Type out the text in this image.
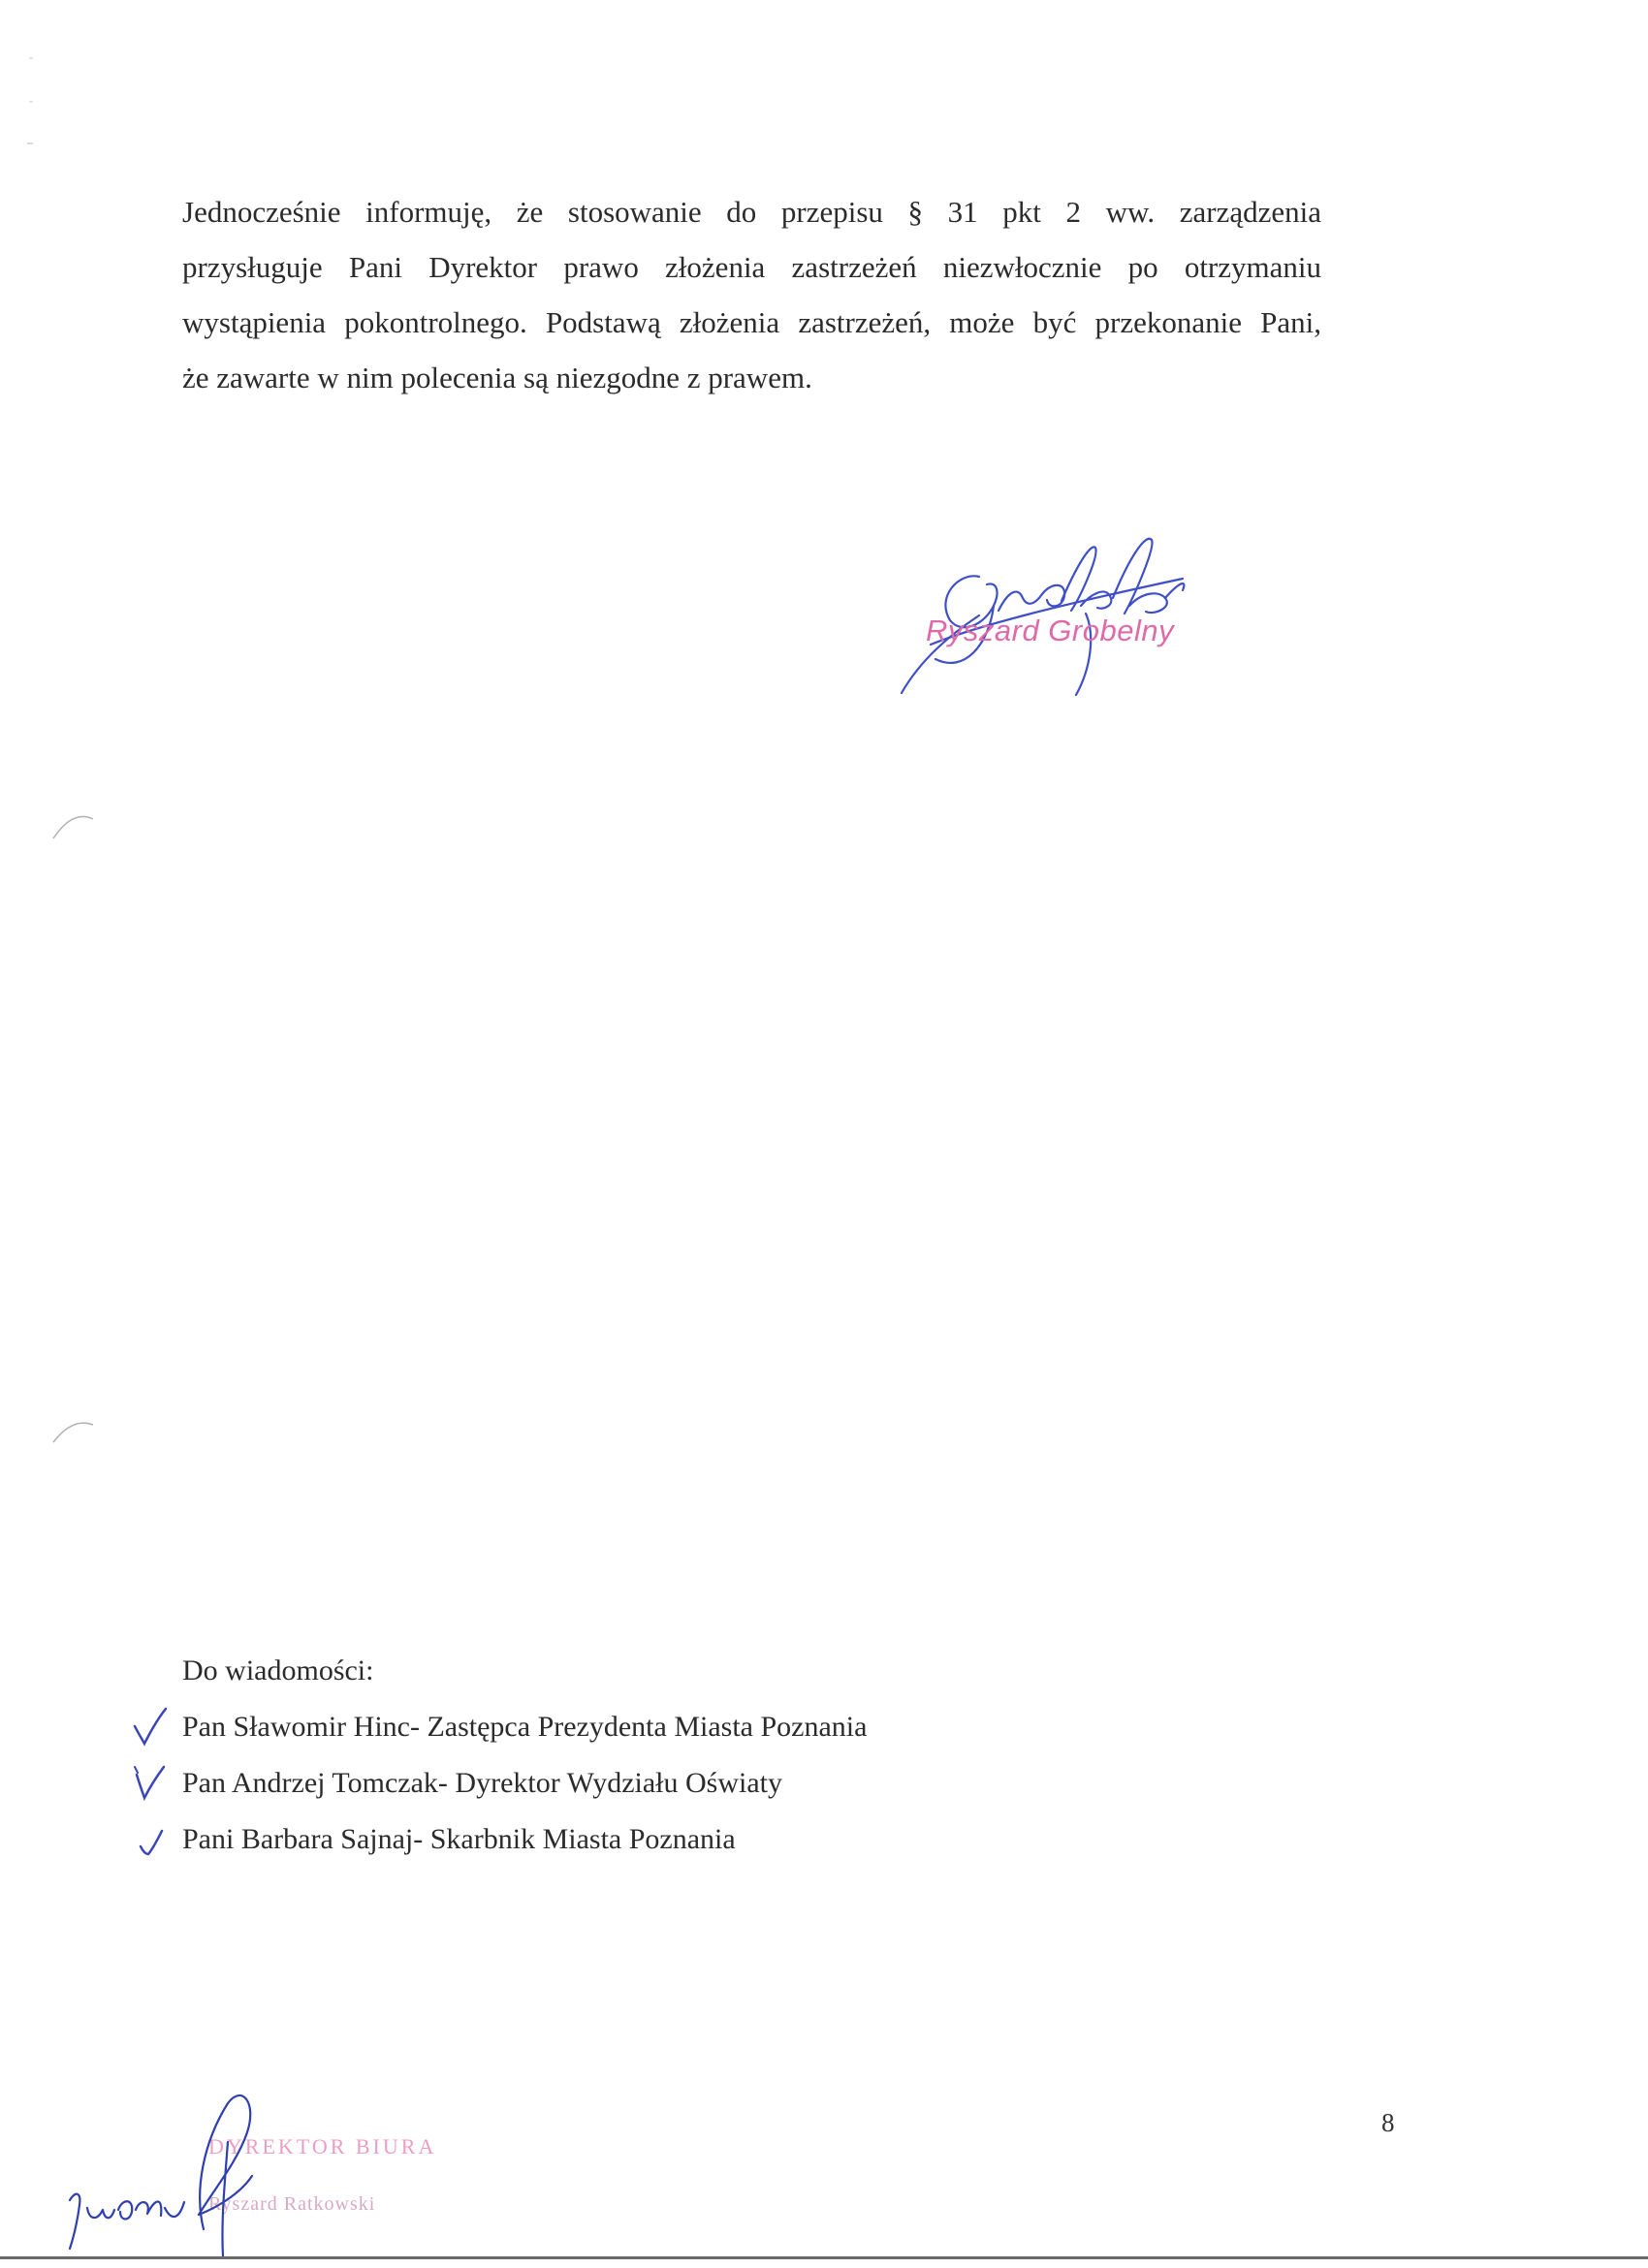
Jednocześnie informuję, że stosowanie do przepisu § 31 pkt 2 ww. zarządzenia
przysługuje Pani Dyrektor prawo złożenia zastrzeżeń niezwłocznie po otrzymaniu
wystąpienia pokontrolnego. Podstawą złożenia zastrzeżeń, może być przekonanie Pani,
że zawarte w nim polecenia są niezgodne z prawem.
Ryszard Grobelny
Do wiadomości:
Pan Sławomir Hinc- Zastępca Prezydenta Miasta Poznania
Pan Andrzej Tomczak- Dyrektor Wydziału Oświaty
Pani Barbara Sajnaj- Skarbnik Miasta Poznania
8
DYREKTOR BIURA
Ryszard Ratkowski
